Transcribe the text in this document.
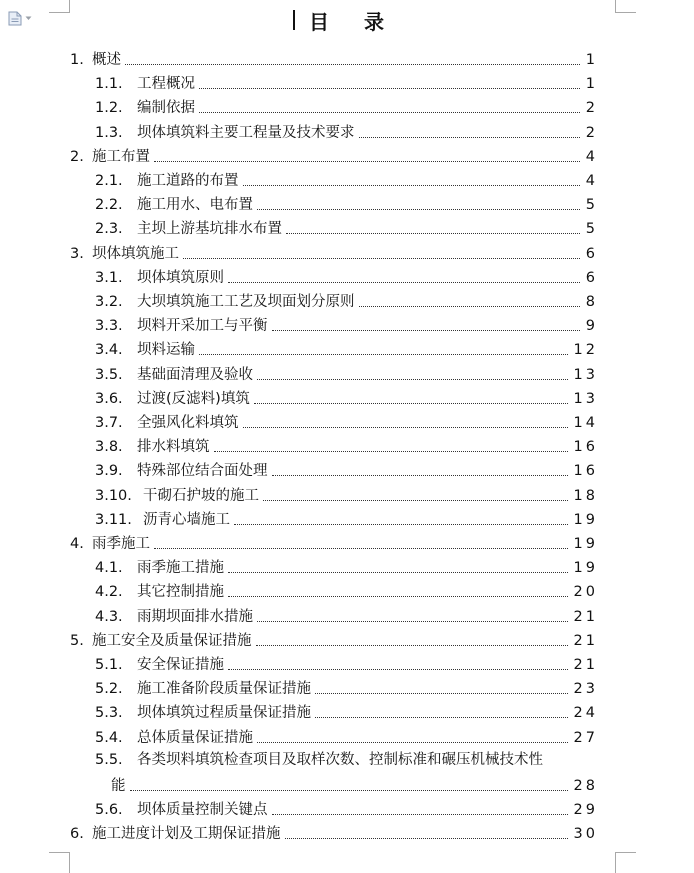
目 录
1. 概述	1
1.1. 工程概况	1
1.2. 编制依据	2
1.3. 坝体填筑料主要工程量及技术要求	2
2. 施工布置	4
2.1. 施工道路的布置	4
2.2. 施工用水、电布置	5
2.3. 主坝上游基坑排水布置	5
3. 坝体填筑施工	6
3.1. 坝体填筑原则	6
3.2. 大坝填筑施工工艺及坝面划分原则	8
3.3. 坝料开采加工与平衡	9
3.4. 坝料运输	12
3.5. 基础面清理及验收	13
3.6. 过渡(反滤料)填筑	13
3.7. 全强风化料填筑	14
3.8. 排水料填筑	16
3.9. 特殊部位结合面处理	16
3.10. 干砌石护坡的施工	18
3.11. 沥青心墙施工	19
4. 雨季施工	19
4.1. 雨季施工措施	19
4.2. 其它控制措施	20
4.3. 雨期坝面排水措施	21
5. 施工安全及质量保证措施	21
5.1. 安全保证措施	21
5.2. 施工准备阶段质量保证措施	23
5.3. 坝体填筑过程质量保证措施	24
5.4. 总体质量保证措施	27
5.5. 各类坝料填筑检查项目及取样次数、控制标准和碾压机械技术性
能	28
5.6. 坝体质量控制关键点	29
6. 施工进度计划及工期保证措施	30
